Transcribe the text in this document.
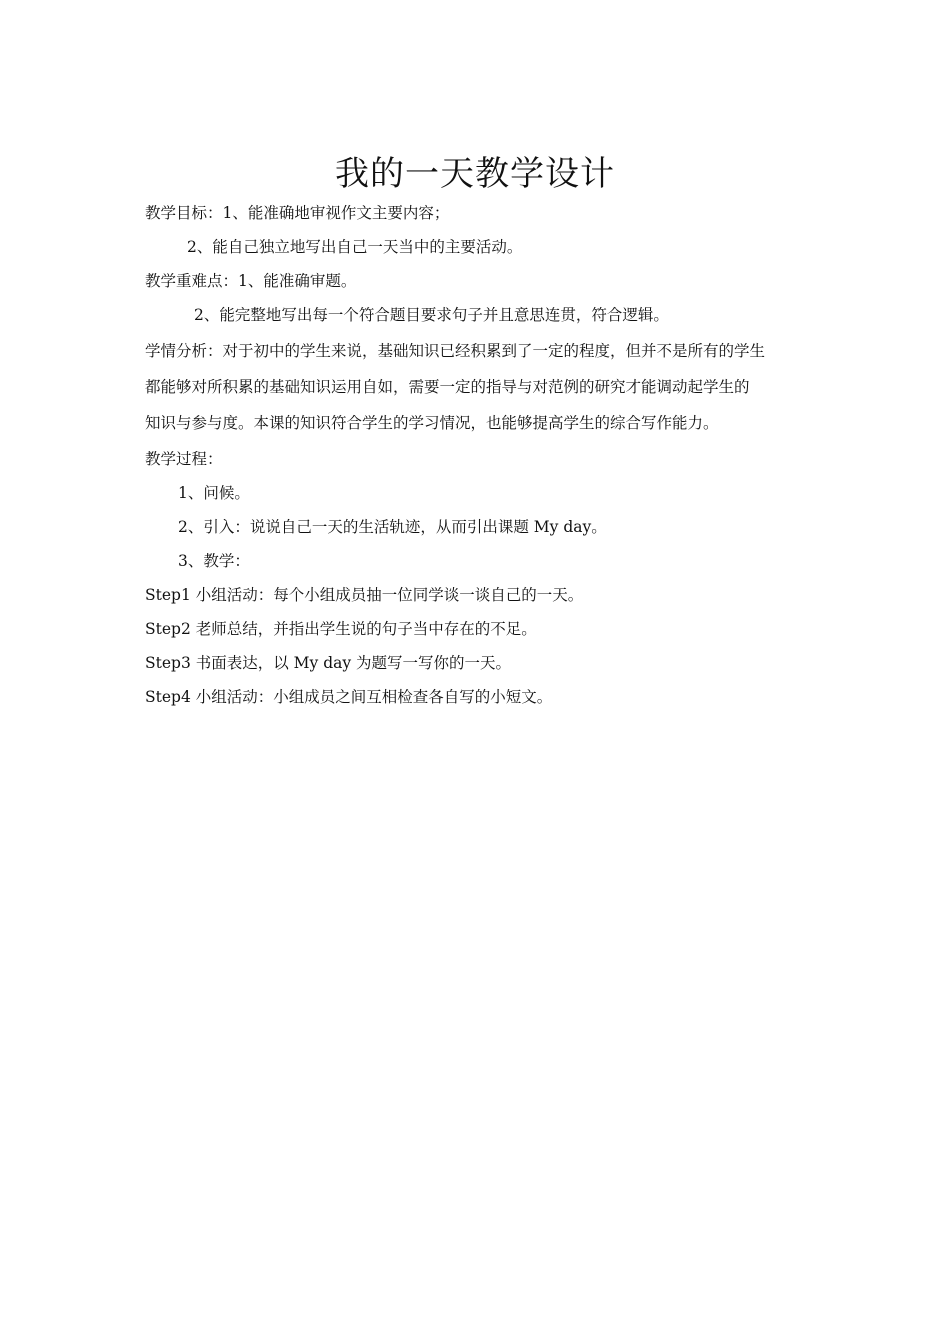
我的一天教学设计
教学目标：1、能准确地审视作文主要内容；
2、能自己独立地写出自己一天当中的主要活动。
教学重难点：1、能准确审题。
2、能完整地写出每一个符合题目要求句子并且意思连贯，符合逻辑。
学情分析：对于初中的学生来说，基础知识已经积累到了一定的程度，但并不是所有的学生
都能够对所积累的基础知识运用自如，需要一定的指导与对范例的研究才能调动起学生的
知识与参与度。本课的知识符合学生的学习情况，也能够提高学生的综合写作能力。
教学过程：
1、问候。
2、引入：说说自己一天的生活轨迹，从而引出课题 My day。
3、教学：
Step1 小组活动：每个小组成员抽一位同学谈一谈自己的一天。
Step2 老师总结，并指出学生说的句子当中存在的不足。
Step3 书面表达，以 My day 为题写一写你的一天。
Step4 小组活动：小组成员之间互相检查各自写的小短文。
